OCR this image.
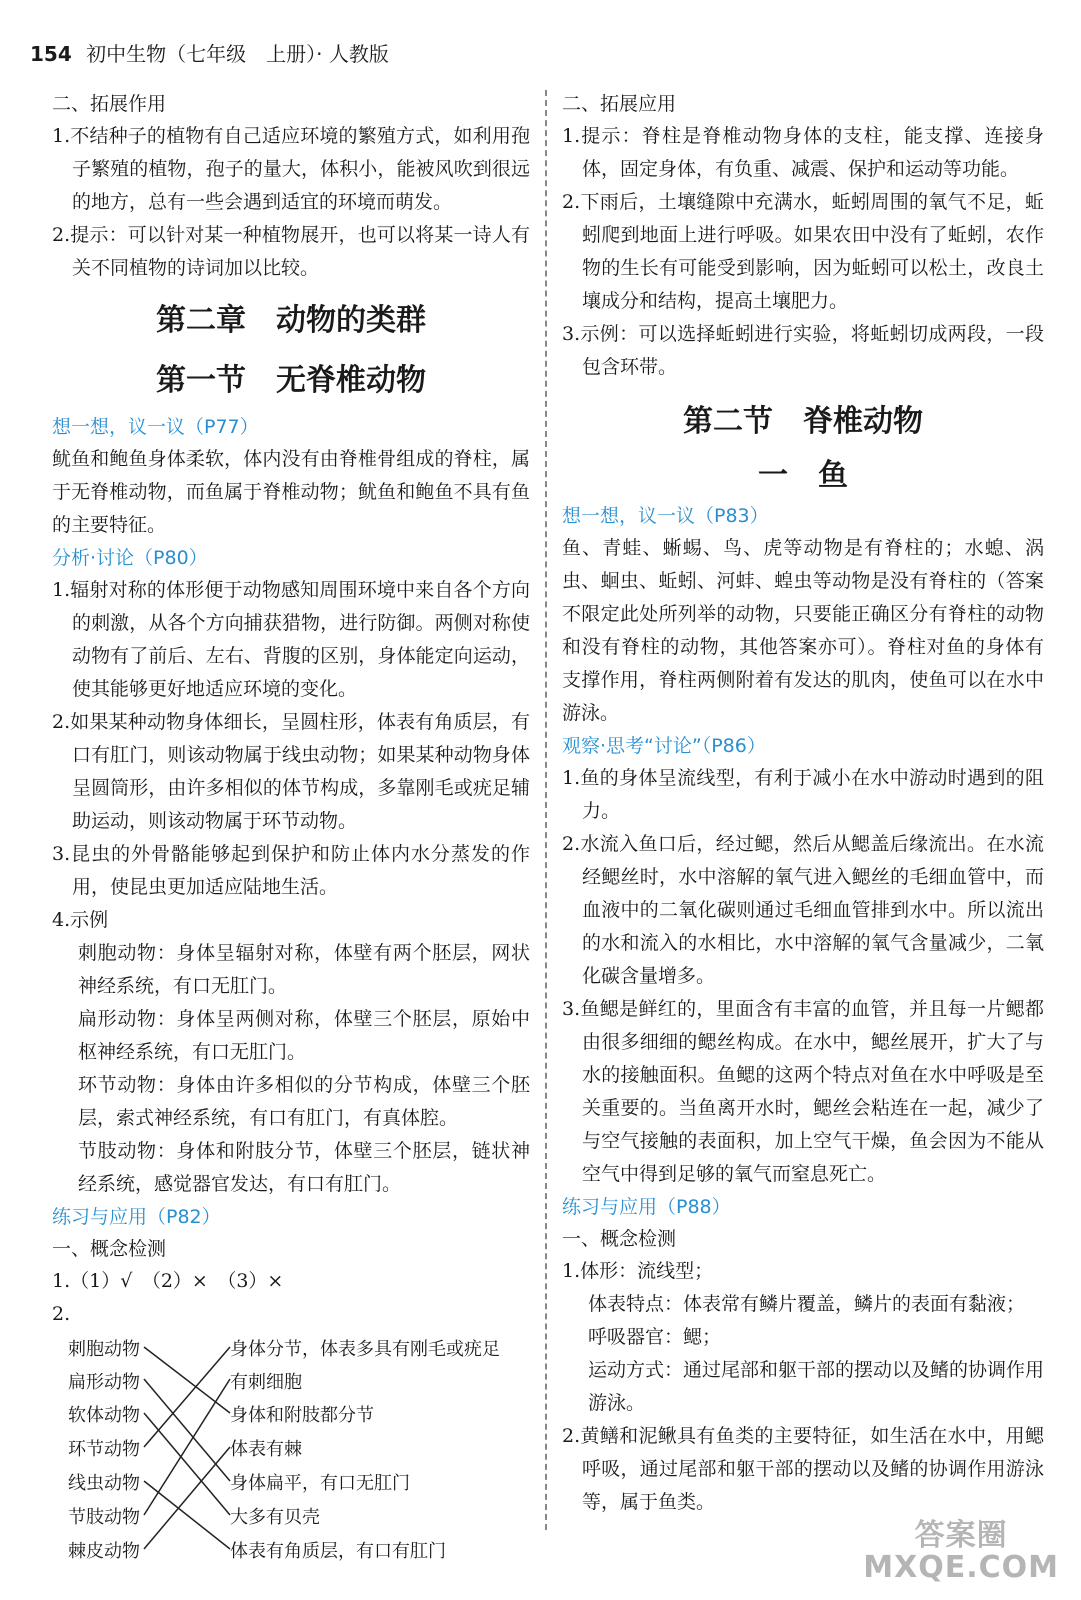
154 初中生物（七年级　上册）· 人教版
二、拓展作用
1.不结种子的植物有自己适应环境的繁殖方式，如利用孢子繁殖的植物，孢子的量大，体积小，能被风吹到很远的地方，总有一些会遇到适宜的环境而萌发。
2.提示：可以针对某一种植物展开，也可以将某一诗人有关不同植物的诗词加以比较。
第二章　动物的类群
第一节　无脊椎动物
想一想，议一议（P77）
鱿鱼和鲍鱼身体柔软，体内没有由脊椎骨组成的脊柱，属于无脊椎动物，而鱼属于脊椎动物；鱿鱼和鲍鱼不具有鱼的主要特征。
分析·讨论（P80）
1.辐射对称的体形便于动物感知周围环境中来自各个方向的刺激，从各个方向捕获猎物，进行防御。两侧对称使动物有了前后、左右、背腹的区别，身体能定向运动，使其能够更好地适应环境的变化。
2.如果某种动物身体细长，呈圆柱形，体表有角质层，有口有肛门，则该动物属于线虫动物；如果某种动物身体呈圆筒形，由许多相似的体节构成，多靠刚毛或疣足辅助运动，则该动物属于环节动物。
3.昆虫的外骨骼能够起到保护和防止体内水分蒸发的作用，使昆虫更加适应陆地生活。
4.示例
刺胞动物：身体呈辐射对称，体壁有两个胚层，网状神经系统，有口无肛门。
扁形动物：身体呈两侧对称，体壁三个胚层，原始中枢神经系统，有口无肛门。
环节动物：身体由许多相似的分节构成，体壁三个胚层，索式神经系统，有口有肛门，有真体腔。
节肢动物：身体和附肢分节，体壁三个胚层，链状神经系统，感觉器官发达，有口有肛门。
练习与应用（P82）
一、概念检测
1.（1）√　（2）×　（3）×
2.
刺胞动物
扁形动物
软体动物
环节动物
线虫动物
节肢动物
棘皮动物
身体分节，体表多具有刚毛或疣足
有刺细胞
身体和附肢都分节
体表有棘
身体扁平，有口无肛门
大多有贝壳
体表有角质层，有口有肛门
二、拓展应用
1.提示：脊柱是脊椎动物身体的支柱，能支撑、连接身体，固定身体，有负重、减震、保护和运动等功能。
2.下雨后，土壤缝隙中充满水，蚯蚓周围的氧气不足，蚯蚓爬到地面上进行呼吸。如果农田中没有了蚯蚓，农作物的生长有可能受到影响，因为蚯蚓可以松土，改良土壤成分和结构，提高土壤肥力。
3.示例：可以选择蚯蚓进行实验，将蚯蚓切成两段，一段包含环带。
第二节　脊椎动物
一　鱼
想一想，议一议（P83）
鱼、青蛙、蜥蜴、鸟、虎等动物是有脊柱的；水螅、涡虫、蛔虫、蚯蚓、河蚌、蝗虫等动物是没有脊柱的（答案不限定此处所列举的动物，只要能正确区分有脊柱的动物和没有脊柱的动物，其他答案亦可）。脊柱对鱼的身体有支撑作用，脊柱两侧附着有发达的肌肉，使鱼可以在水中游泳。
观察·思考“讨论”（P86）
1.鱼的身体呈流线型，有利于减小在水中游动时遇到的阻力。
2.水流入鱼口后，经过鳃，然后从鳃盖后缘流出。在水流经鳃丝时，水中溶解的氧气进入鳃丝的毛细血管中，而血液中的二氧化碳则通过毛细血管排到水中。所以流出的水和流入的水相比，水中溶解的氧气含量减少，二氧化碳含量增多。
3.鱼鳃是鲜红的，里面含有丰富的血管，并且每一片鳃都由很多细细的鳃丝构成。在水中，鳃丝展开，扩大了与水的接触面积。鱼鳃的这两个特点对鱼在水中呼吸是至关重要的。当鱼离开水时，鳃丝会粘连在一起，减少了与空气接触的表面积，加上空气干燥，鱼会因为不能从空气中得到足够的氧气而窒息死亡。
练习与应用（P88）
一、概念检测
1.体形：流线型；
体表特点：体表常有鳞片覆盖，鳞片的表面有黏液；
呼吸器官：鳃；
运动方式：通过尾部和躯干部的摆动以及鳍的协调作用游泳。
2.黄鳝和泥鳅具有鱼类的主要特征，如生活在水中，用鳃呼吸，通过尾部和躯干部的摆动以及鳍的协调作用游泳等，属于鱼类。
答案圈
MXQE.COM
